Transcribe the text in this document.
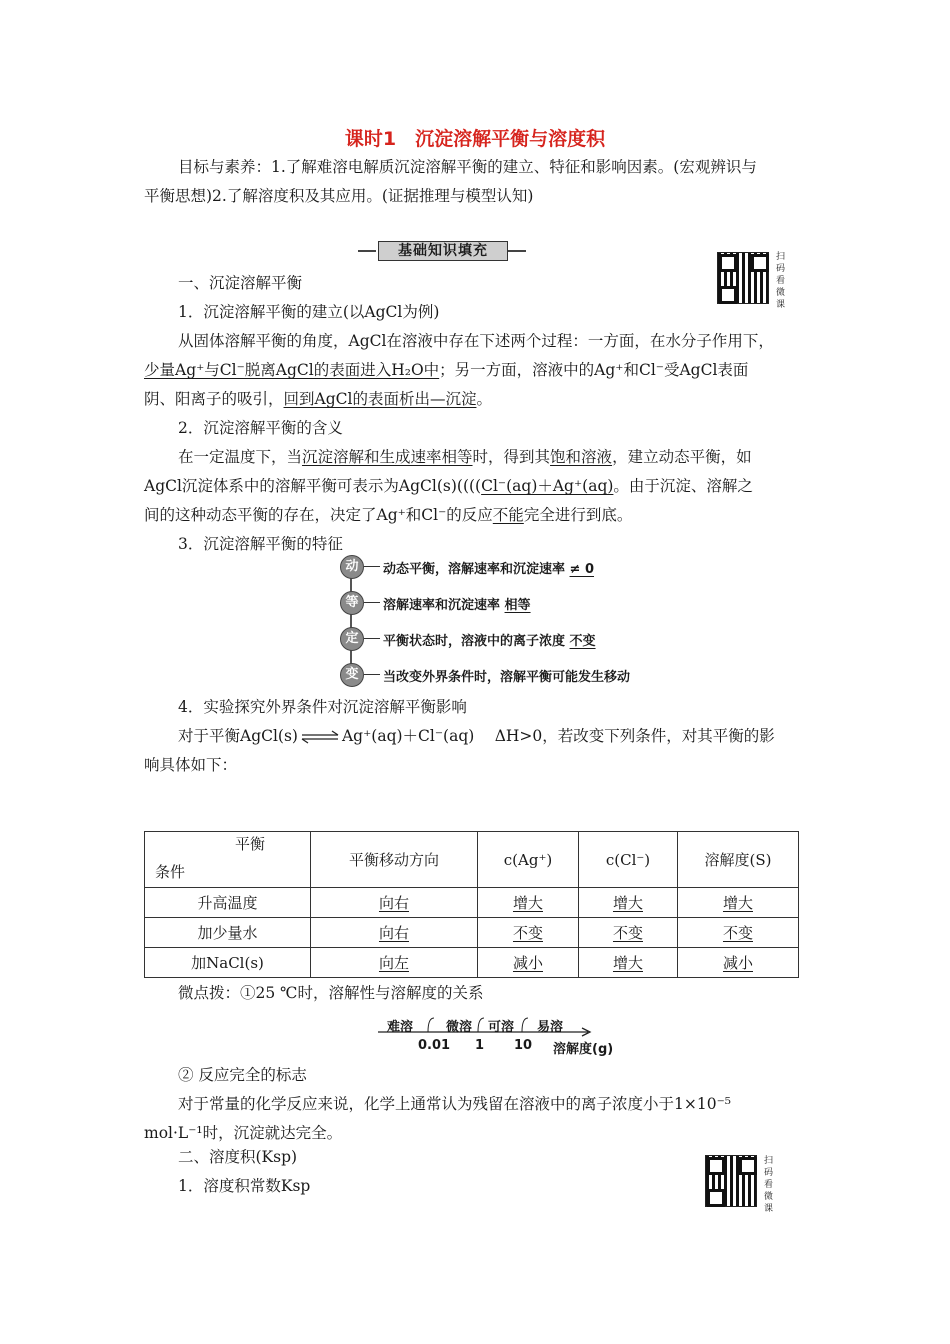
课时1　沉淀溶解平衡与溶度积
目标与素养：1.了解难溶电解质沉淀溶解平衡的建立、特征和影响因素。(宏观辨识与
平衡思想)2.了解溶度积及其应用。(证据推理与模型认知)
基础知识填充	扫
码
看
微
课
一、沉淀溶解平衡
1．沉淀溶解平衡的建立(以AgCl为例)
从固体溶解平衡的角度，AgCl在溶液中存在下述两个过程：一方面，在水分子作用下，
少量Ag⁺与Cl⁻脱离AgCl的表面进入H₂O中；另一方面，溶液中的Ag⁺和Cl⁻受AgCl表面
阴、阳离子的吸引，回到AgCl的表面析出—沉淀。
2．沉淀溶解平衡的含义
在一定温度下，当沉淀溶解和生成速率相等时，得到其饱和溶液，建立动态平衡，如
AgCl沉淀体系中的溶解平衡可表示为AgCl(s)((((Cl⁻(aq)＋Ag⁺(aq)。由于沉淀、溶解之
间的这种动态平衡的存在，决定了Ag⁺和Cl⁻的反应不能完全进行到底。
3．沉淀溶解平衡的特征
动	动态平衡，溶解速率和沉淀速率 ≠ 0
等	溶解速率和沉淀速率 相等
定	平衡状态时，溶液中的离子浓度 不变
变	当改变外界条件时，溶解平衡可能发生移动
4．实验探究外界条件对沉淀溶解平衡影响
对于平衡AgCl(s) ⇌ Ag⁺(aq)＋Cl⁻(aq)　 ΔH>0，若改变下列条件，对其平衡的影
响具体如下：
平衡
条件	平衡移动方向	c(Ag⁺)	c(Cl⁻)	溶解度(S)
升高温度	向右	增大	增大	增大
加少量水	向右	不变	不变	不变
加NaCl(s)	向左	减小	增大	减小
微点拨：①25 ℃时，溶解性与溶解度的关系
难溶	微溶 可溶 易溶
0.01 1 10 溶解度(g)
② 反应完全的标志
对于常量的化学反应来说，化学上通常认为残留在溶液中的离子浓度小于1×10⁻⁵
mol·L⁻¹时，沉淀就达完全。
二、溶度积(Ksp)
1．溶度积常数Ksp
扫
码
看
微
课
